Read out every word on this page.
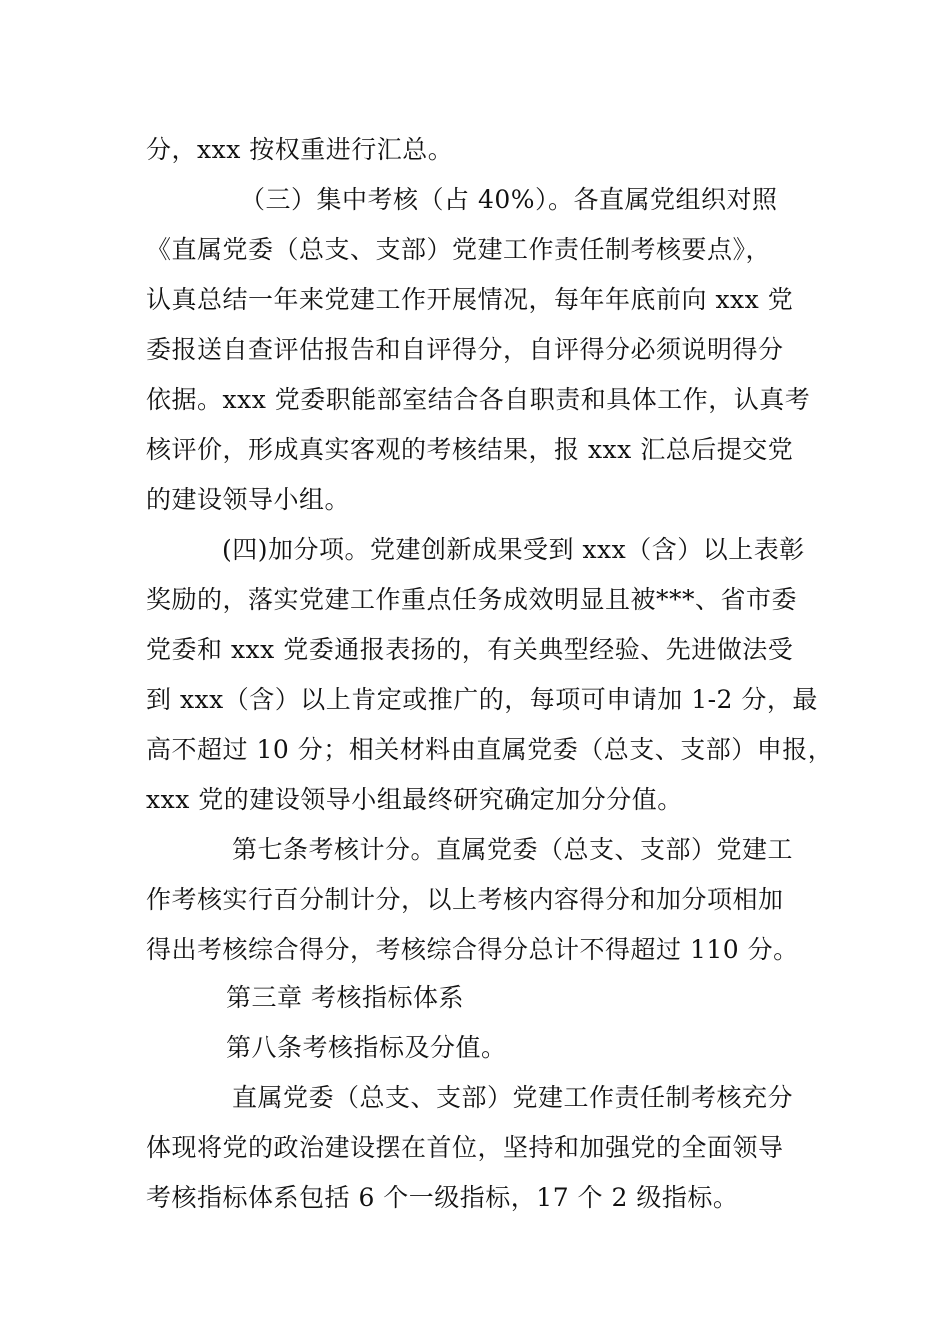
分，xxx 按权重进行汇总。
（三）集中考核（占 40%）。各直属党组织对照
《直属党委（总支、支部）党建工作责任制考核要点》，
认真总结一年来党建工作开展情况，每年年底前向 xxx 党
委报送自查评估报告和自评得分，自评得分必须说明得分
依据。xxx 党委职能部室结合各自职责和具体工作，认真考
核评价，形成真实客观的考核结果，报 xxx 汇总后提交党
的建设领导小组。
(四)加分项。党建创新成果受到 xxx（含）以上表彰
奖励的，落实党建工作重点任务成效明显且被***、省市委
党委和 xxx 党委通报表扬的，有关典型经验、先进做法受
到 xxx（含）以上肯定或推广的，每项可申请加 1-2 分，最
高不超过 10 分；相关材料由直属党委（总支、支部）申报，
xxx 党的建设领导小组最终研究确定加分分值。
第七条考核计分。直属党委（总支、支部）党建工
作考核实行百分制计分，以上考核内容得分和加分项相加
得出考核综合得分，考核综合得分总计不得超过 110 分。
第三章 考核指标体系
第八条考核指标及分值。
直属党委（总支、支部）党建工作责任制考核充分
体现将党的政治建设摆在首位，坚持和加强党的全面领导
考核指标体系包括 6 个一级指标，17 个 2 级指标。
